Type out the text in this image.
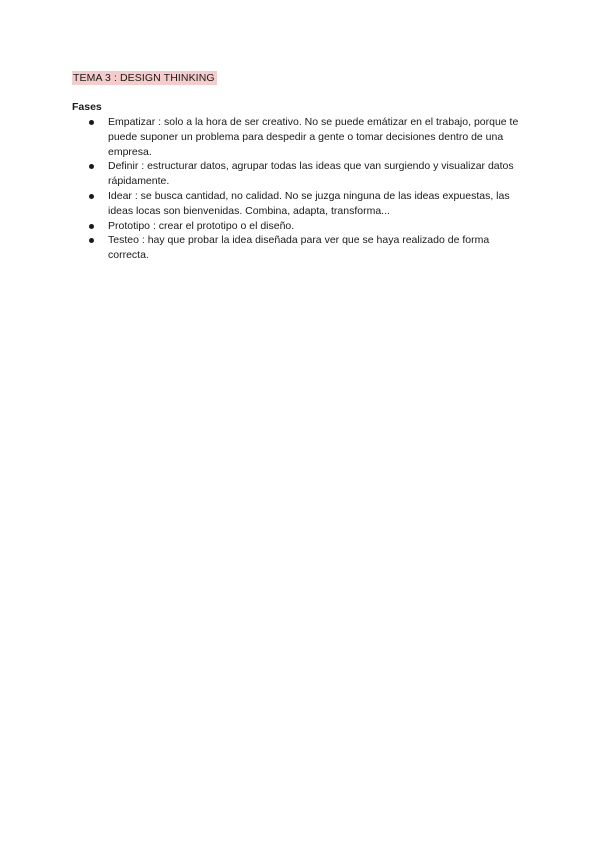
TEMA 3 : DESIGN THINKING
Fases
Empatizar : solo a la hora de ser creativo. No se puede emátizar en el trabajo, porque te puede suponer un problema para despedir a gente o tomar decisiones dentro de una empresa.
Definir : estructurar datos, agrupar todas las ideas que van surgiendo y visualizar datos rápidamente.
Idear : se busca cantidad, no calidad. No se juzga ninguna de las ideas expuestas, las ideas locas son bienvenidas. Combina, adapta, transforma...
Prototipo : crear el prototipo o el diseño.
Testeo : hay que probar la idea diseñada para ver que se haya realizado de forma correcta.
